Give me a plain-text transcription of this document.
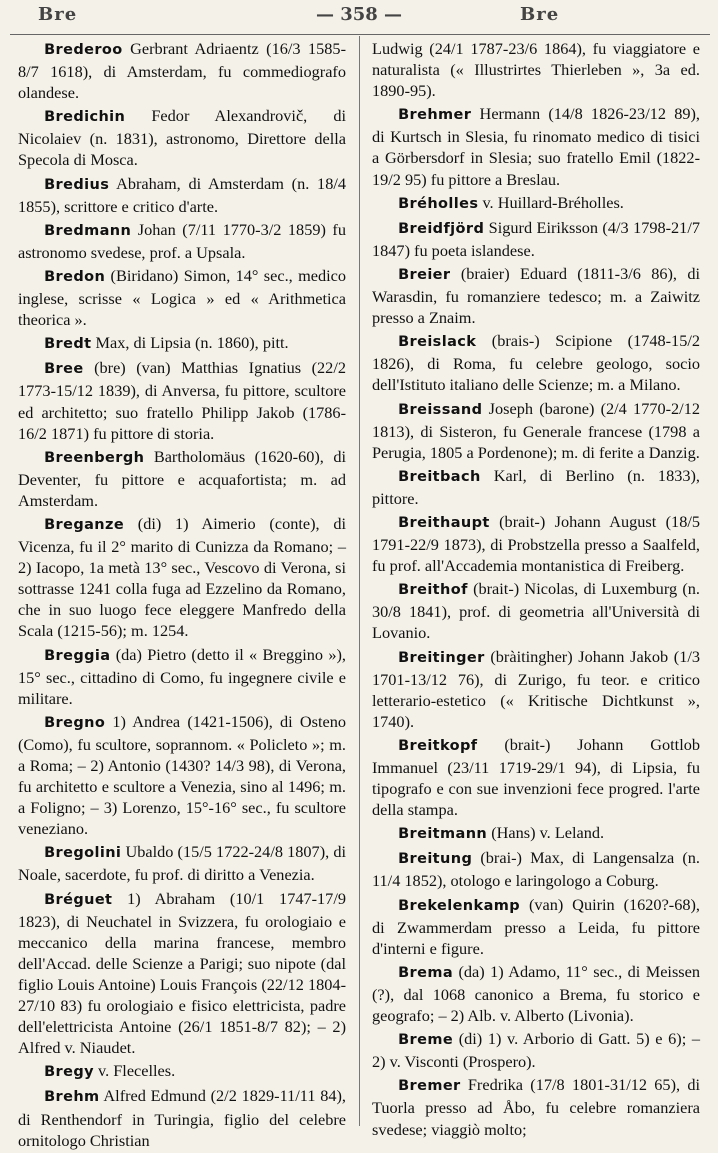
Bre	— 358 —	Bre

Brederoo Gerbrant Adriaentz (16/3 1585-8/7 1618), di Amsterdam, fu commediografo olandese.

Bredichin Fedor Alexandrovič, di Nicolaiev (n. 1831), astronomo, Direttore della Specola di Mosca.

Bredius Abraham, di Amsterdam (n. 18/4 1855), scrittore e critico d'arte.

Bredmann Johan (7/11 1770-3/2 1859) fu astronomo svedese, prof. a Upsala.

Bredon (Biridano) Simon, 14° sec., medico inglese, scrisse « Logica » ed « Arithmetica theorica ».

Bredt Max, di Lipsia (n. 1860), pitt.

Bree (bre) (van) Matthias Ignatius (22/2 1773-15/12 1839), di Anversa, fu pittore, scultore ed architetto; suo fratello Philipp Jakob (1786-16/2 1871) fu pittore di storia.

Breenbergh Bartholomäus (1620-60), di Deventer, fu pittore e acquafortista; m. ad Amsterdam.

Breganze (di) 1) Aimerio (conte), di Vicenza, fu il 2° marito di Cunizza da Romano; – 2) Iacopo, 1a metà 13° sec., Vescovo di Verona, si sottrasse 1241 colla fuga ad Ezzelino da Romano, che in suo luogo fece eleggere Manfredo della Scala (1215-56); m. 1254.

Breggia (da) Pietro (detto il « Breggino »), 15° sec., cittadino di Como, fu ingegnere civile e militare.

Bregno 1) Andrea (1421-1506), di Osteno (Como), fu scultore, soprannom. « Policleto »; m. a Roma; – 2) Antonio (1430? 14/3 98), di Verona, fu architetto e scultore a Venezia, sino al 1496; m. a Foligno; – 3) Lorenzo, 15°-16° sec., fu scultore veneziano.

Bregolini Ubaldo (15/5 1722-24/8 1807), di Noale, sacerdote, fu prof. di diritto a Venezia.

Bréguet 1) Abraham (10/1 1747-17/9 1823), di Neuchatel in Svizzera, fu orologiaio e meccanico della marina francese, membro dell'Accad. delle Scienze a Parigi; suo nipote (dal figlio Louis Antoine) Louis François (22/12 1804-27/10 83) fu orologiaio e fisico elettricista, padre dell'elettricista Antoine (26/1 1851-8/7 82); – 2) Alfred v. Niaudet.

Bregy v. Flecelles.

Brehm Alfred Edmund (2/2 1829-11/11 84), di Renthendorf in Turingia, figlio del celebre ornitologo Christian

Ludwig (24/1 1787-23/6 1864), fu viaggiatore e naturalista (« Illustrirtes Thierleben », 3a ed. 1890-95).

Brehmer Hermann (14/8 1826-23/12 89), di Kurtsch in Slesia, fu rinomato medico di tisici a Görbersdorf in Slesia; suo fratello Emil (1822-19/2 95) fu pittore a Breslau.

Bréholles v. Huillard-Bréholles.

Breidfjörd Sigurd Eiriksson (4/3 1798-21/7 1847) fu poeta islandese.

Breier (braier) Eduard (1811-3/6 86), di Warasdin, fu romanziere tedesco; m. a Zaiwitz presso a Znaim.

Breislack (brais-) Scipione (1748-15/2 1826), di Roma, fu celebre geologo, socio dell'Istituto italiano delle Scienze; m. a Milano.

Breissand Joseph (barone) (2/4 1770-2/12 1813), di Sisteron, fu Generale francese (1798 a Perugia, 1805 a Pordenone); m. di ferite a Danzig.

Breitbach Karl, di Berlino (n. 1833), pittore.

Breithaupt (brait-) Johann August (18/5 1791-22/9 1873), di Probstzella presso a Saalfeld, fu prof. all'Accademia montanistica di Freiberg.

Breithof (brait-) Nicolas, di Luxemburg (n. 30/8 1841), prof. di geometria all'Università di Lovanio.

Breitinger (bràitingher) Johann Jakob (1/3 1701-13/12 76), di Zurigo, fu teor. e critico letterario-estetico (« Kritische Dichtkunst », 1740).

Breitkopf (brait-) Johann Gottlob Immanuel (23/11 1719-29/1 94), di Lipsia, fu tipografo e con sue invenzioni fece progred. l'arte della stampa.

Breitmann (Hans) v. Leland.

Breitung (brai-) Max, di Langensalza (n. 11/4 1852), otologo e laringologo a Coburg.

Brekelenkamp (van) Quirin (1620?-68), di Zwammerdam presso a Leida, fu pittore d'interni e figure.

Brema (da) 1) Adamo, 11° sec., di Meissen (?), dal 1068 canonico a Brema, fu storico e geografo; – 2) Alb. v. Alberto (Livonia).

Breme (di) 1) v. Arborio di Gatt. 5) e 6); – 2) v. Visconti (Prospero).

Bremer Fredrika (17/8 1801-31/12 65), di Tuorla presso ad Åbo, fu celebre romanziera svedese; viaggiò molto;
